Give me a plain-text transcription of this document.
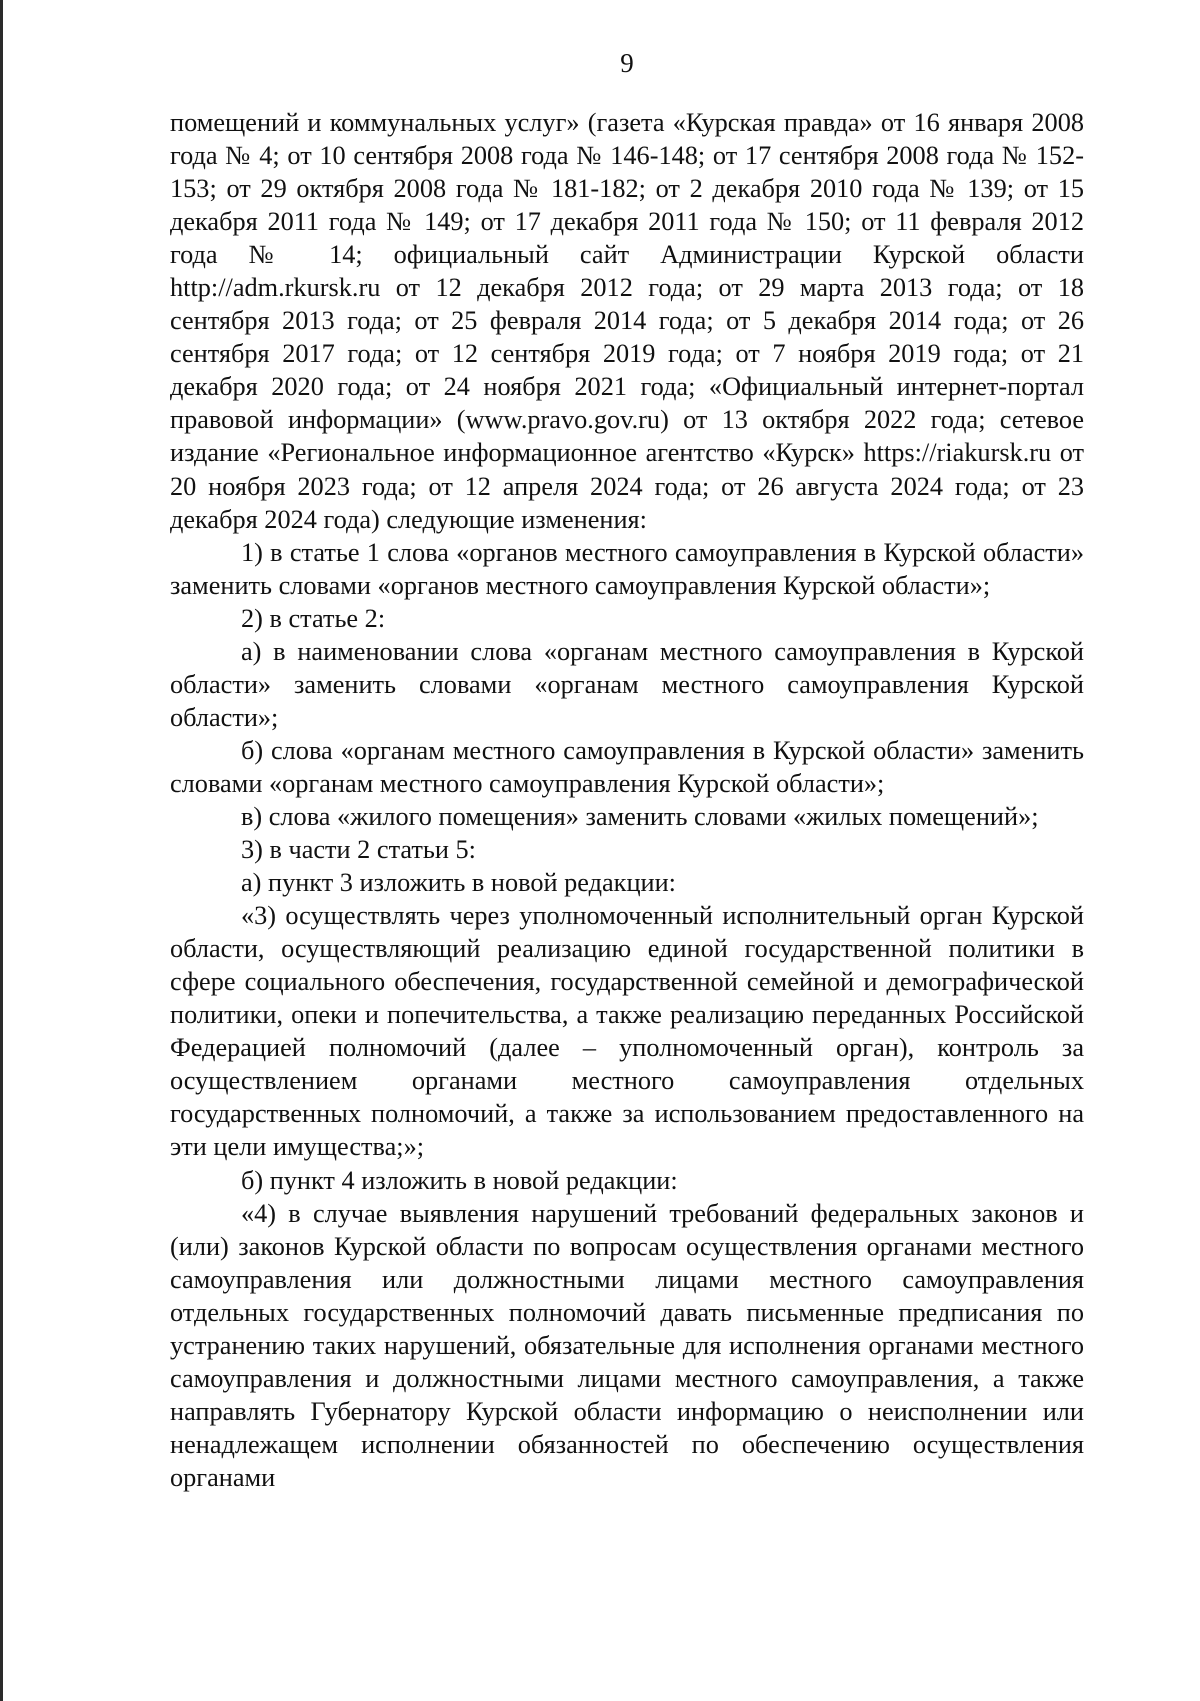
9

помещений и коммунальных услуг» (газета «Курская правда» от 16 января 2008 года № 4; от 10 сентября 2008 года № 146-148; от 17 сентября 2008 года № 152-153; от 29 октября 2008 года № 181-182; от 2 декабря 2010 года № 139; от 15 декабря 2011 года № 149; от 17 декабря 2011 года № 150; от 11 февраля 2012 года № 14; официальный сайт Администрации Курской области http://adm.rkursk.ru от 12 декабря 2012 года; от 29 марта 2013 года; от 18 сентября 2013 года; от 25 февраля 2014 года; от 5 декабря 2014 года; от 26 сентября 2017 года; от 12 сентября 2019 года; от 7 ноября 2019 года; от 21 декабря 2020 года; от 24 ноября 2021 года; «Официальный интернет-портал правовой информации» (www.pravo.gov.ru) от 13 октября 2022 года; сетевое издание «Региональное информационное агентство «Курск» https://riakursk.ru от 20 ноября 2023 года; от 12 апреля 2024 года; от 26 августа 2024 года; от 23 декабря 2024 года) следующие изменения:

1) в статье 1 слова «органов местного самоуправления в Курской области» заменить словами «органов местного самоуправления Курской области»;

2) в статье 2:

а) в наименовании слова «органам местного самоуправления в Курской области» заменить словами «органам местного самоуправления Курской области»;

б) слова «органам местного самоуправления в Курской области» заменить словами «органам местного самоуправления Курской области»;

в) слова «жилого помещения» заменить словами «жилых помещений»;

3) в части 2 статьи 5:

а) пункт 3 изложить в новой редакции:

«3) осуществлять через уполномоченный исполнительный орган Курской области, осуществляющий реализацию единой государственной политики в сфере социального обеспечения, государственной семейной и демографической политики, опеки и попечительства, а также реализацию переданных Российской Федерацией полномочий (далее – уполномоченный орган), контроль за осуществлением органами местного самоуправления отдельных государственных полномочий, а также за использованием предоставленного на эти цели имущества;»;

б) пункт 4 изложить в новой редакции:

«4) в случае выявления нарушений требований федеральных законов и (или) законов Курской области по вопросам осуществления органами местного самоуправления или должностными лицами местного самоуправления отдельных государственных полномочий давать письменные предписания по устранению таких нарушений, обязательные для исполнения органами местного самоуправления и должностными лицами местного самоуправления, а также направлять Губернатору Курской области информацию о неисполнении или ненадлежащем исполнении обязанностей по обеспечению осуществления органами
